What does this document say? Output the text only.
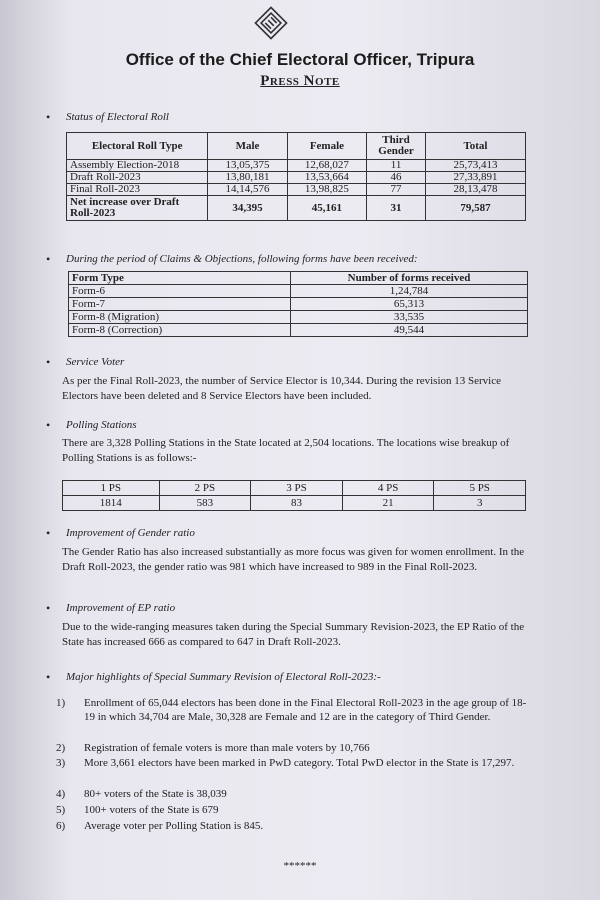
Office of the Chief Electoral Officer, Tripura
Press Note
• Status of Electoral Roll
Electoral Roll Type	Male	Female	Third Gender	Total
Assembly Election-2018	13,05,375	12,68,027	11	25,73,413
Draft Roll-2023	13,80,181	13,53,664	46	27,33,891
Final Roll-2023	14,14,576	13,98,825	77	28,13,478
Net increase over Draft Roll-2023	34,395	45,161	31	79,587
• During the period of Claims & Objections, following forms have been received:
Form Type	Number of forms received
Form-6	1,24,784
Form-7	65,313
Form-8 (Migration)	33,535
Form-8 (Correction)	49,544
• Service Voter
As per the Final Roll-2023, the number of Service Elector is 10,344. During the revision 13 Service Electors have been deleted and 8 Service Electors have been included.
• Polling Stations
There are 3,328 Polling Stations in the State located at 2,504 locations. The locations wise breakup of Polling Stations is as follows:-
1 PS	2 PS	3 PS	4 PS	5 PS
1814	583	83	21	3
• Improvement of Gender ratio
The Gender Ratio has also increased substantially as more focus was given for women enrollment. In the Draft Roll-2023, the gender ratio was 981 which have increased to 989 in the Final Roll-2023.
• Improvement of EP ratio
Due to the wide-ranging measures taken during the Special Summary Revision-2023, the EP Ratio of the State has increased 666 as compared to 647 in Draft Roll-2023.
• Major highlights of Special Summary Revision of Electoral Roll-2023:-
1) Enrollment of 65,044 electors has been done in the Final Electoral Roll-2023 in the age group of 18-19 in which 34,704 are Male, 30,328 are Female and 12 are in the category of Third Gender.
2) Registration of female voters is more than male voters by 10,766
3) More 3,661 electors have been marked in PwD category. Total PwD elector in the State is 17,297.
4) 80+ voters of the State is 38,039
5) 100+ voters of the State is 679
6) Average voter per Polling Station is 845.
******
